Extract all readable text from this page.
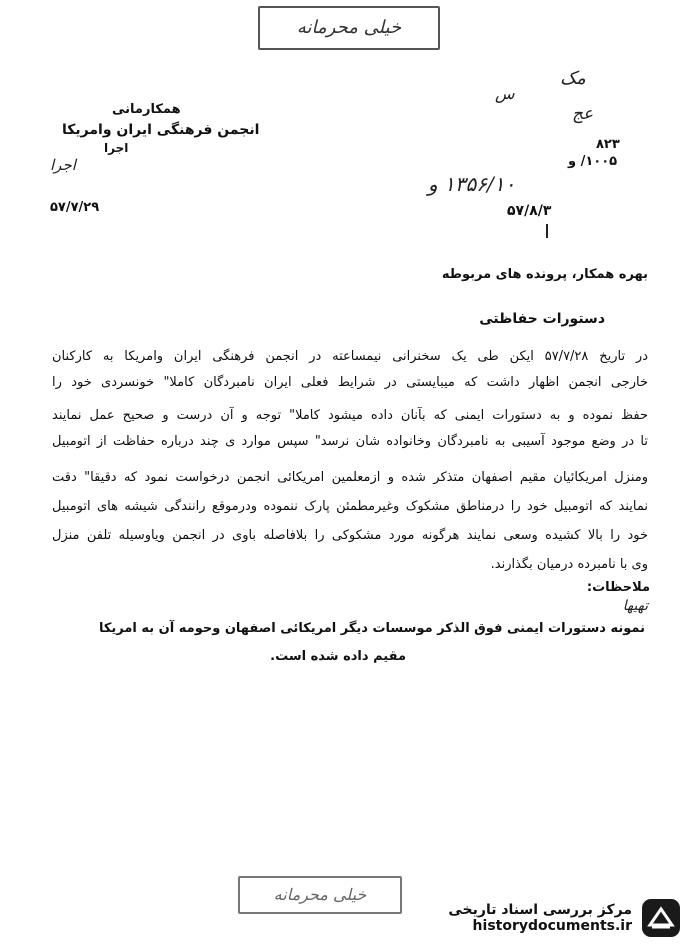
خیلی محرمانه
مک
س
عج
۸۲۳
۱۰۰۵/ و
همکارمانی
انجمن فرهنگی ایران وامریکا
اجرا
اجرا
۵۷/۷/۲۹
۱۳۵۶/۱۰ و
۵۷/۸/۳
بهره همکار، پرونده های مربوطه
دستورات حفاظتی
در تاریخ ۵۷/۷/۲۸ ایکن طی یک سخنرانی نیمساعته در انجمن فرهنگی ایران وامریکا به کارکنان
خارجی انجمن اظهار داشت که میبایستی در شرایط فعلی ایران نامبردگان کاملا" خونسردی خود را
حفظ نموده و به دستورات ایمنی که بآنان داده میشود کاملا" توجه و آن درست و صحیح عمل نمایند
تا در وضع موجود آسیبی به نامبردگان وخانواده شان نرسد" سپس موارد ی چند درباره حفاظت از اتومبیل
ومنزل امریکائیان مقیم اصفهان متذکر شده و ازمعلمین امریکائی انجمن درخواست نمود که دقیقا" دقت
نمایند که اتومبیل خود را درمناطق مشکوک وغیرمطمئن پارک ننموده ودرموقع رانندگی شیشه های اتومبیل
خود را بالا کشیده وسعی نمایند هرگونه مورد مشکوکی را بلافاصله باوی در انجمن ویاوسیله تلفن منزل
وی با نامبرده درمیان بگذارند.
ملاحظات:
تهیها
نمونه دستورات ایمنی فوق الذکر موسسات دیگر امریکائی اصفهان وحومه آن به امریکا
مقیم داده شده است.
خیلی محرمانه
مرکز بررسی اسناد تاریخی
historydocuments.ir
